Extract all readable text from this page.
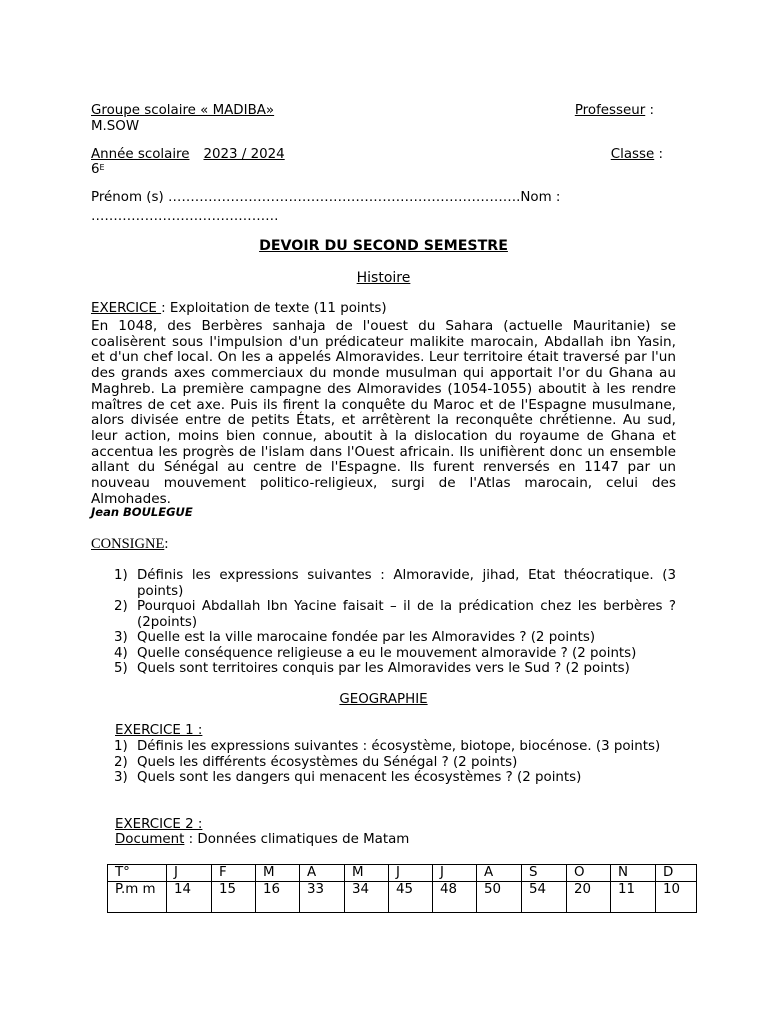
Groupe scolaire « MADIBA»	Professeur :
M.SOW
Année scolaire 2023 / 2024	Classe :
$6^E$
Prénom (s) …………………………………………………………………….Nom :
……………………………………
DEVOIR DU SECOND SEMESTRE
Histoire
EXERCICE : Exploitation de texte (11 points)
En 1048, des Berbères sanhaja de l'ouest du Sahara (actuelle Mauritanie) se coalisèrent sous l'impulsion d'un prédicateur malikite marocain, Abdallah ibn Yasin, et d'un chef local. On les a appelés Almoravides. Leur territoire était traversé par l'un des grands axes commerciaux du monde musulman qui apportait l'or du Ghana au Maghreb. La première campagne des Almoravides (1054-1055) aboutit à les rendre maîtres de cet axe. Puis ils firent la conquête du Maroc et de l'Espagne musulmane, alors divisée entre de petits États, et arrêtèrent la reconquête chrétienne. Au sud, leur action, moins bien connue, aboutit à la dislocation du royaume de Ghana et accentua les progrès de l'islam dans l'Ouest africain. Ils unifièrent donc un ensemble allant du Sénégal au centre de l'Espagne. Ils furent renversés en 1147 par un nouveau mouvement politico-religieux, surgi de l'Atlas marocain, celui des Almohades.
Jean BOULEGUE
CONSIGNE:
1) Définis les expressions suivantes : Almoravide, jihad, Etat théocratique. (3 points)
2) Pourquoi Abdallah Ibn Yacine faisait – il de la prédication chez les berbères ? (2points)
3) Quelle est la ville marocaine fondée par les Almoravides ? (2 points)
4) Quelle conséquence religieuse a eu le mouvement almoravide ? (2 points)
5) Quels sont territoires conquis par les Almoravides vers le Sud ? (2 points)
GEOGRAPHIE
EXERCICE 1 :
1) Définis les expressions suivantes : écosystème, biotope, biocénose. (3 points)
2) Quels les différents écosystèmes du Sénégal ? (2 points)
3) Quels sont les dangers qui menacent les écosystèmes ? (2 points)
EXERCICE 2 :
Document : Données climatiques de Matam
T°	J	F	M	A	M	J	J	A	S	O	N	D
P.m m	14	15	16	33	34	45	48	50	54	20	11	10
